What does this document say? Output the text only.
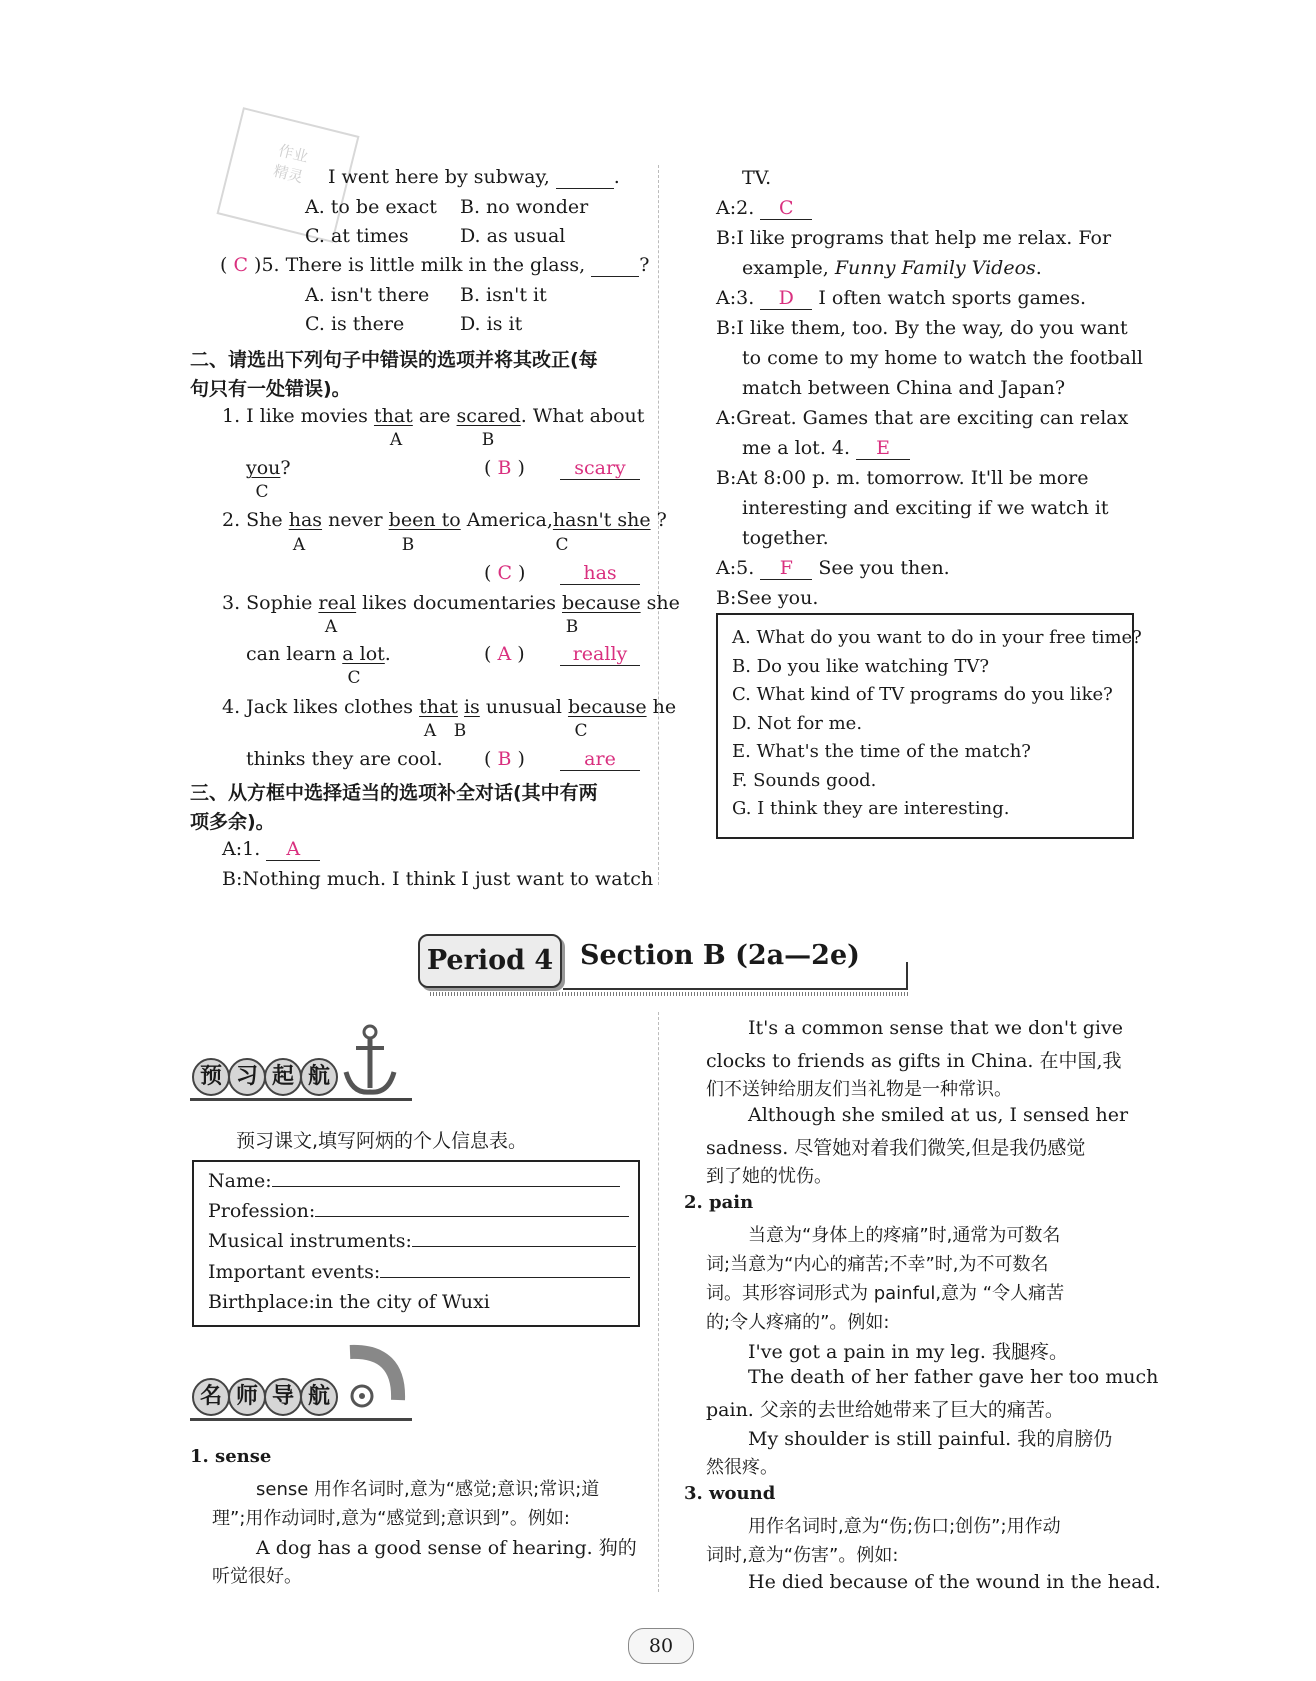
作业
精灵	I went here by subway,	.
A. to be exact B. no wonder
C. at times	D. as usual
( C )5. There is little milk in the glass,	?
A. isn't there B. isn't it
C. is there	D. is it
二、请选出下列句子中错误的选项并将其改正(每
句只有一处错误)。
1. I like movies that are scared. What about
A	B
you?
C
( B )	scary
2. She has never been to America,hasn't she ?
A	B	C
( C )	has
3. Sophie real likes documentaries because she
A	B
can learn a lot.
C
( A )	really
4. Jack likes clothes that is unusual because he
A B	C
thinks they are cool. ( B )	are
三、从方框中选择适当的选项补全对话(其中有两
项多余)。
A:1. A
B:Nothing much. I think I just want to watch
TV.
A:2. C
B:I like programs that help me relax. For
example, Funny Family Videos.
A:3. D I often watch sports games.
B:I like them, too. By the way, do you want
to come to my home to watch the football
match between China and Japan?
A:Great. Games that are exciting can relax
me a lot. 4. E
B:At 8:00 p. m. tomorrow. It'll be more
interesting and exciting if we watch it
together.
A:5. F See you then.
B:See you.
A. What do you want to do in your free time?
B. Do you like watching TV?
C. What kind of TV programs do you like?
D. Not for me.
E. What's the time of the match?
F. Sounds good.
G. I think they are interesting.
Period 4 Section B (2a—2e)
预 习 起 航
预习课文,填写阿炳的个人信息表。
Name:
Profession:
Musical instruments:
Important events:
Birthplace:in the city of Wuxi
名 师 导 航
1. sense
sense 用作名词时,意为“感觉;意识;常识;道
理”;用作动词时,意为“感觉到;意识到”。例如:
A dog has a good sense of hearing. 狗的
听觉很好。
It's a common sense that we don't give
clocks to friends as gifts in China. 在中国,我
们不送钟给朋友们当礼物是一种常识。
Although she smiled at us, I sensed her
sadness. 尽管她对着我们微笑,但是我仍感觉
到了她的忧伤。
2. pain
当意为“身体上的疼痛”时,通常为可数名
词;当意为“内心的痛苦;不幸”时,为不可数名
词。其形容词形式为 painful,意为 “令人痛苦
的;令人疼痛的”。例如:
I've got a pain in my leg. 我腿疼。
The death of her father gave her too much
pain. 父亲的去世给她带来了巨大的痛苦。
My shoulder is still painful. 我的肩膀仍
然很疼。
3. wound
用作名词时,意为“伤;伤口;创伤”;用作动
词时,意为“伤害”。例如:
He died because of the wound in the head.
80
